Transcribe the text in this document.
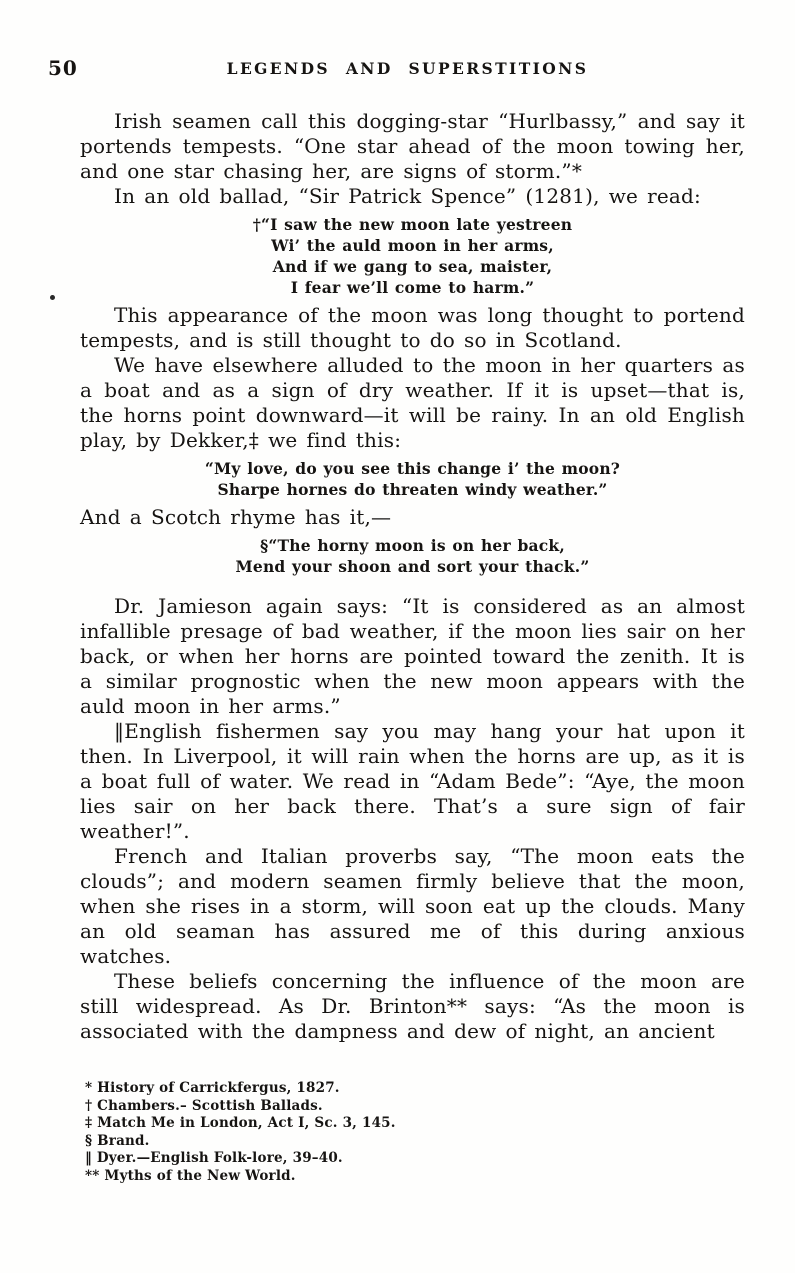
50	LEGENDS AND SUPERSTITIONS

Irish seamen call this dogging-star “Hurlbassy,” and say it portends tempests. “One star ahead of the moon towing her, and one star chasing her, are signs of storm.”*

In an old ballad, “Sir Patrick Spence” (1281), we read:

†“I saw the new moon late yestreen
Wi’ the auld moon in her arms,
And if we gang to sea, maister,
I fear we’ll come to harm.”

This appearance of the moon was long thought to portend tempests, and is still thought to do so in Scotland.

We have elsewhere alluded to the moon in her quarters as a boat and as a sign of dry weather. If it is upset—that is, the horns point downward—it will be rainy. In an old English play, by Dekker,‡ we find this:

“My love, do you see this change i’ the moon?
Sharpe hornes do threaten windy weather.”

And a Scotch rhyme has it,—

§“The horny moon is on her back,
Mend your shoon and sort your thack.”

Dr. Jamieson again says: “It is considered as an almost infallible presage of bad weather, if the moon lies sair on her back, or when her horns are pointed toward the zenith. It is a similar prognostic when the new moon appears with the auld moon in her arms.”

‖English fishermen say you may hang your hat upon it then. In Liverpool, it will rain when the horns are up, as it is a boat full of water. We read in “Adam Bede”: “Aye, the moon lies sair on her back there. That’s a sure sign of fair weather!”.

French and Italian proverbs say, “The moon eats the clouds”; and modern seamen firmly believe that the moon, when she rises in a storm, will soon eat up the clouds. Many an old seaman has assured me of this during anxious watches.

These beliefs concerning the influence of the moon are still widespread. As Dr. Brinton** says: “As the moon is associated with the dampness and dew of night, an ancient

* History of Carrickfergus, 1827.

† Chambers.– Scottish Ballads.

‡ Match Me in London, Act I, Sc. 3, 145.

§ Brand.

‖ Dyer.—English Folk-lore, 39–40.

** Myths of the New World.
